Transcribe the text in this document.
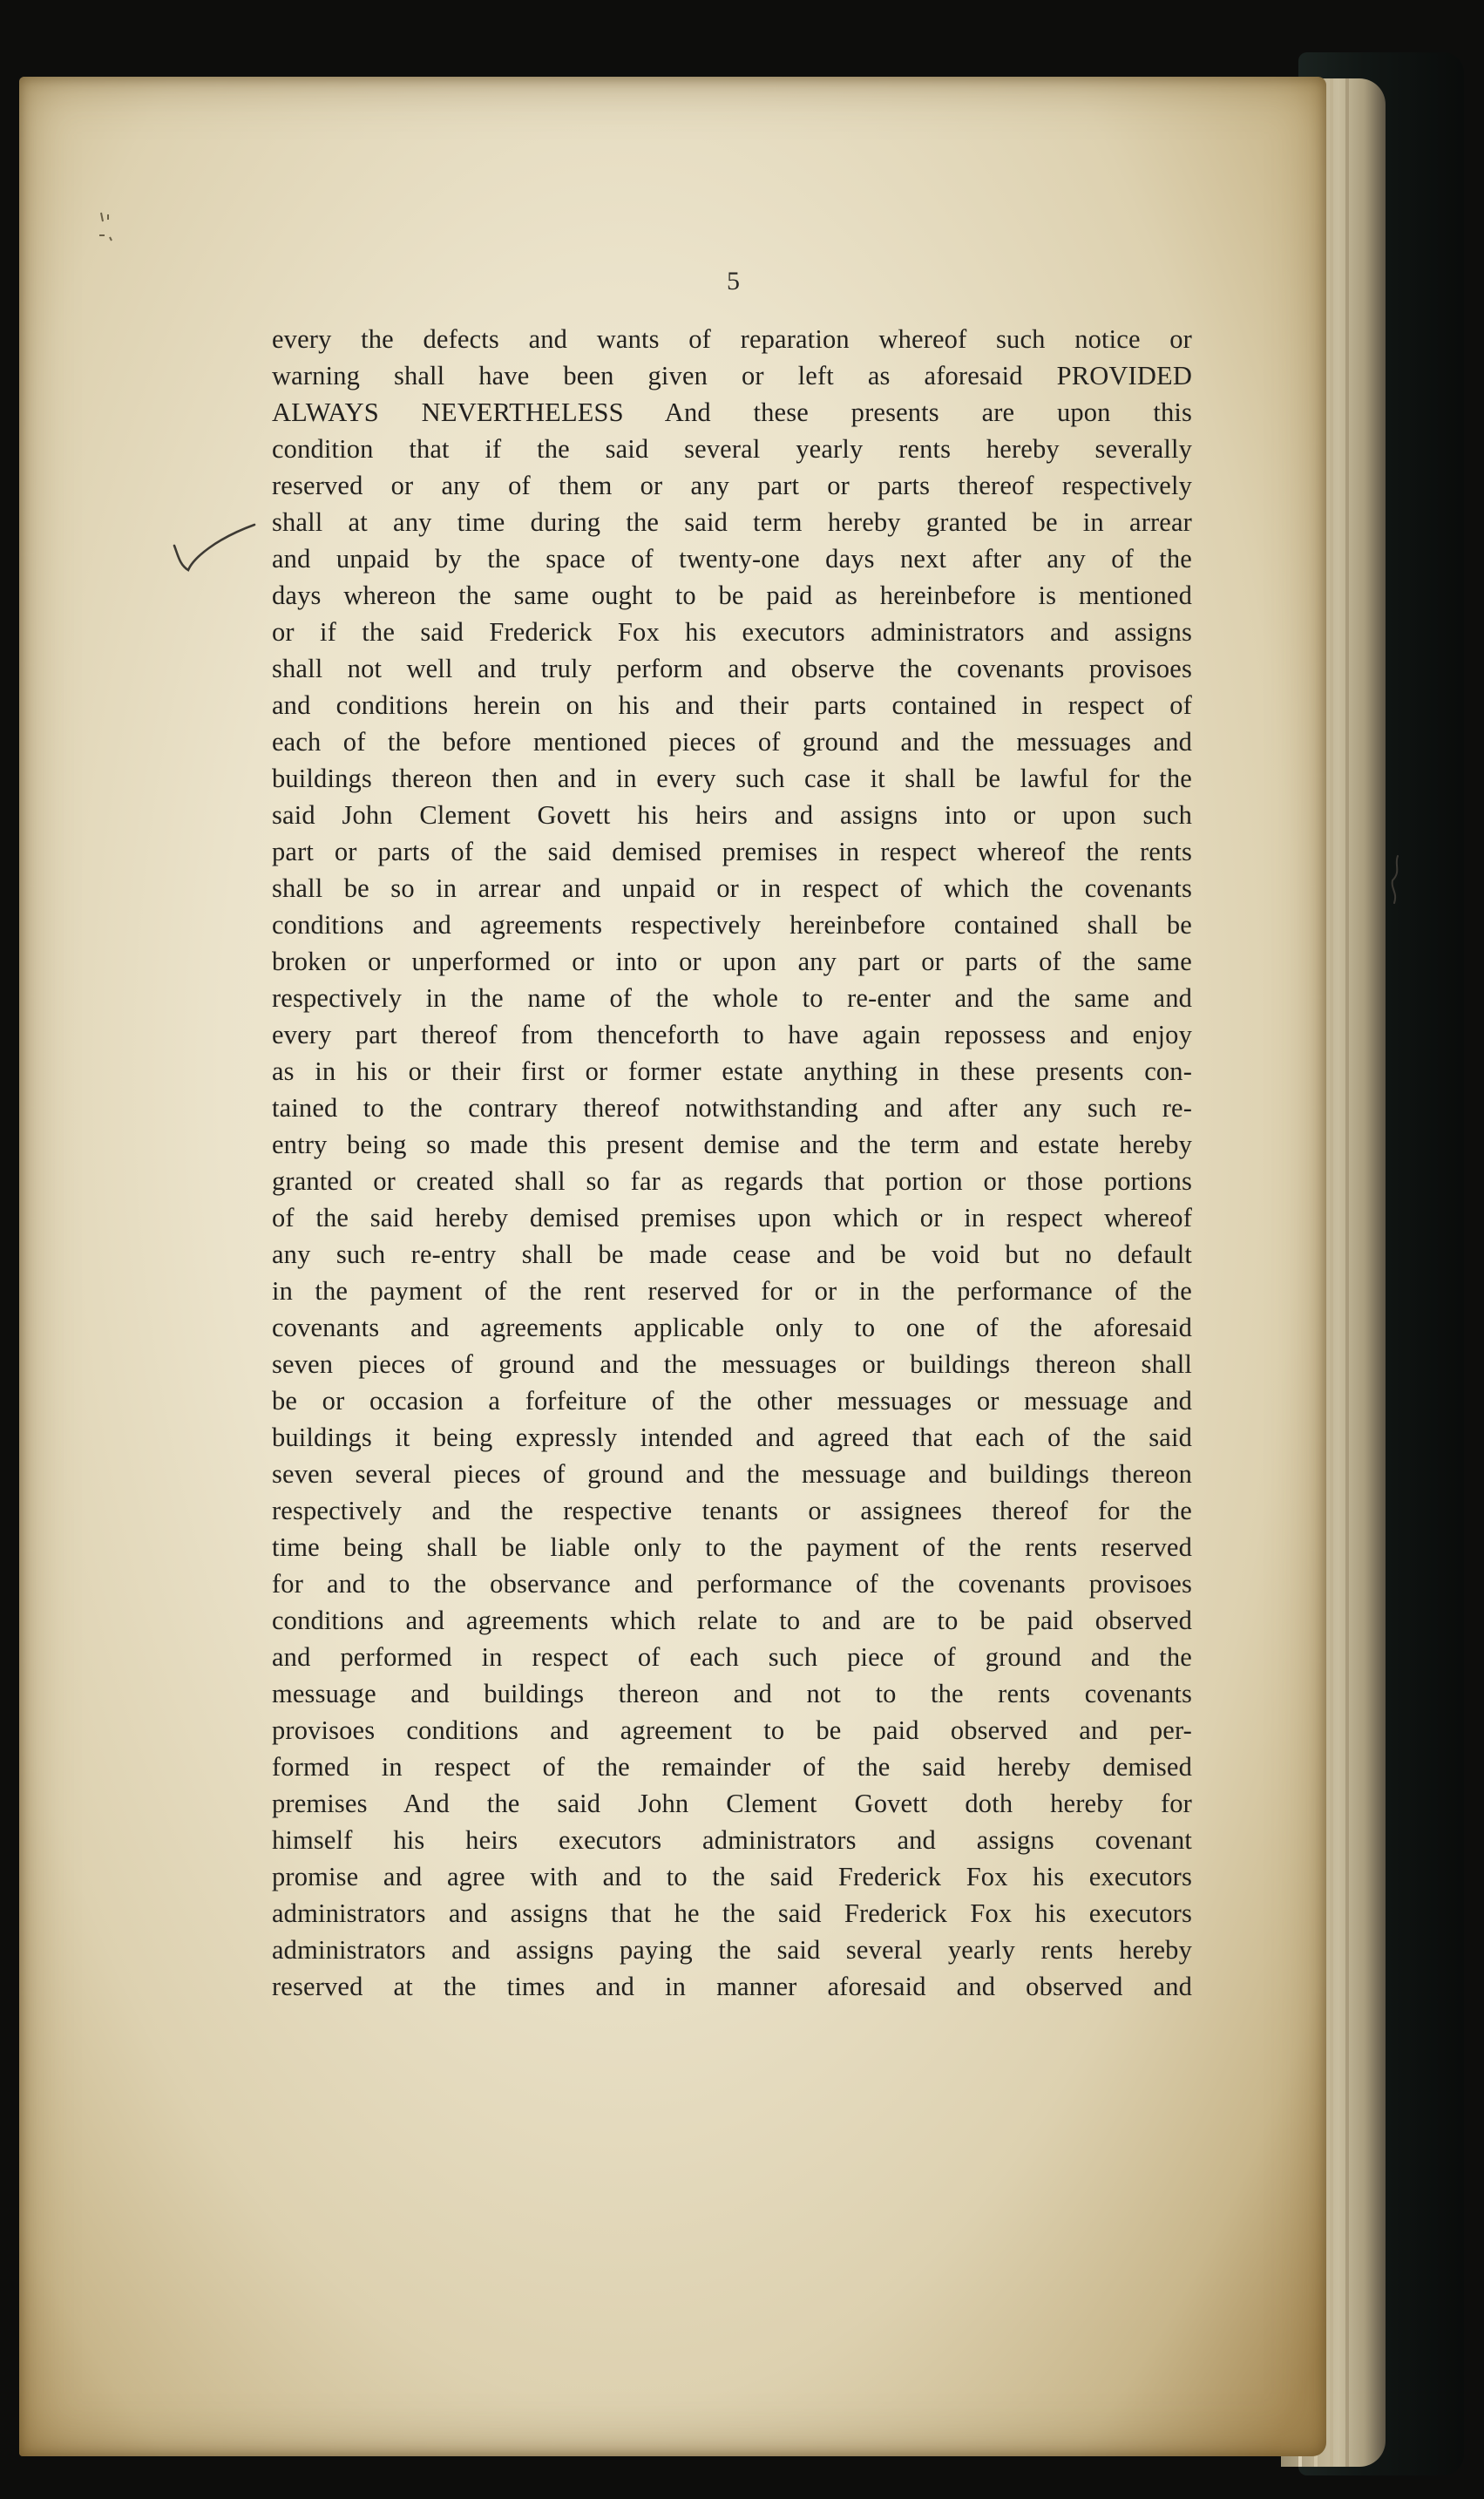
5
every the defects and wants of reparation whereof such notice or
warning shall have been given or left as aforesaid PROVIDED
ALWAYS NEVERTHELESS And these presents are upon this
condition that if the said several yearly rents hereby severally
reserved or any of them or any part or parts thereof respectively
shall at any time during the said term hereby granted be in arrear
and unpaid by the space of twenty-one days next after any of the
days whereon the same ought to be paid as hereinbefore is mentioned
or if the said Frederick Fox his executors administrators and assigns
shall not well and truly perform and observe the covenants provisoes
and conditions herein on his and their parts contained in respect of
each of the before mentioned pieces of ground and the messuages and
buildings thereon then and in every such case it shall be lawful for the
said John Clement Govett his heirs and assigns into or upon such
part or parts of the said demised premises in respect whereof the rents
shall be so in arrear and unpaid or in respect of which the covenants
conditions and agreements respectively hereinbefore contained shall be
broken or unperformed or into or upon any part or parts of the same
respectively in the name of the whole to re-enter and the same and
every part thereof from thenceforth to have again repossess and enjoy
as in his or their first or former estate anything in these presents con-
tained to the contrary thereof notwithstanding and after any such re-
entry being so made this present demise and the term and estate hereby
granted or created shall so far as regards that portion or those portions
of the said hereby demised premises upon which or in respect whereof
any such re-entry shall be made cease and be void but no default
in the payment of the rent reserved for or in the performance of the
covenants and agreements applicable only to one of the aforesaid
seven pieces of ground and the messuages or buildings thereon shall
be or occasion a forfeiture of the other messuages or messuage and
buildings it being expressly intended and agreed that each of the said
seven several pieces of ground and the messuage and buildings thereon
respectively and the respective tenants or assignees thereof for the
time being shall be liable only to the payment of the rents reserved
for and to the observance and performance of the covenants provisoes
conditions and agreements which relate to and are to be paid observed
and performed in respect of each such piece of ground and the
messuage and buildings thereon and not to the rents covenants
provisoes conditions and agreement to be paid observed and per-
formed in respect of the remainder of the said hereby demised
premises And the said John Clement Govett doth hereby for
himself his heirs executors administrators and assigns covenant
promise and agree with and to the said Frederick Fox his executors
administrators and assigns that he the said Frederick Fox his executors
administrators and assigns paying the said several yearly rents hereby
reserved at the times and in manner aforesaid and observed and
